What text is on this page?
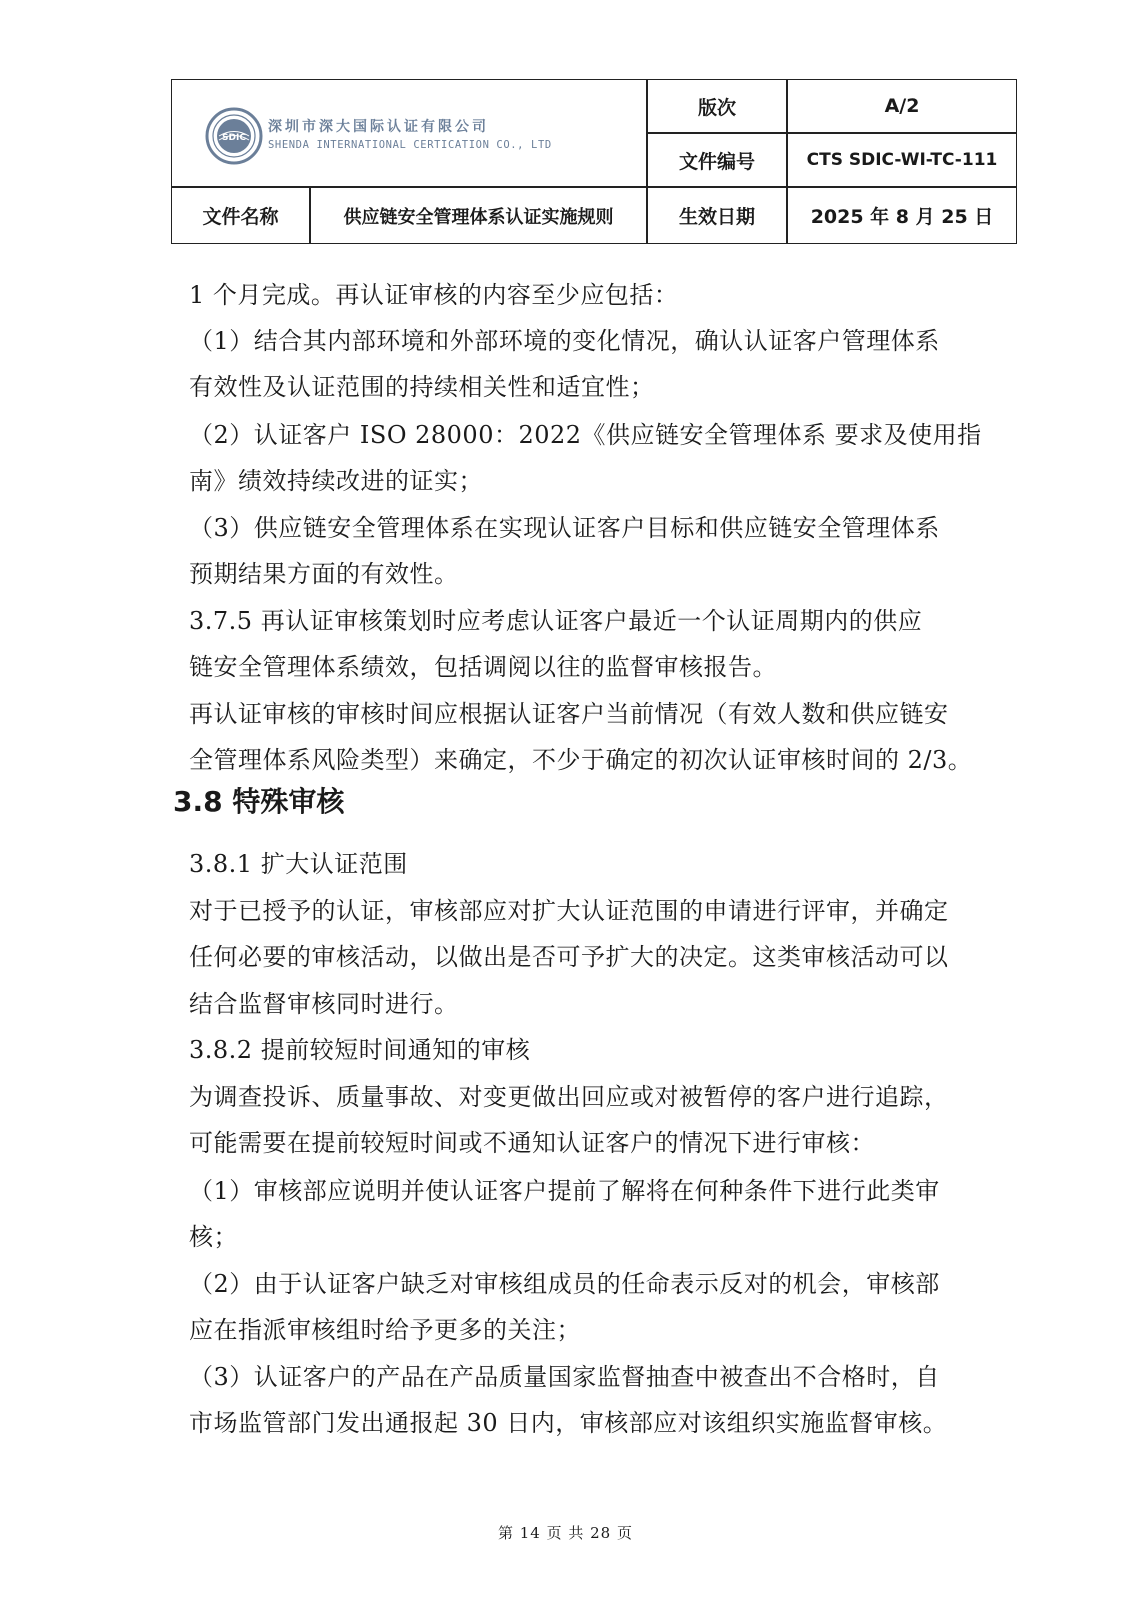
SDIC
深圳市深大国际认证有限公司
SHENDA INTERNATIONAL CERTICATION CO., LTD
版次	A/2
文件编号	CTS SDIC-WI-TC-111
文件名称	供应链安全管理体系认证实施规则	生效日期	2025 年 8 月 25 日
1 个月完成。再认证审核的内容至少应包括：
（1）结合其内部环境和外部环境的变化情况，确认认证客户管理体系
有效性及认证范围的持续相关性和适宜性；
（2）认证客户 ISO 28000：2022《供应链安全管理体系 要求及使用指
南》绩效持续改进的证实；
（3）供应链安全管理体系在实现认证客户目标和供应链安全管理体系
预期结果方面的有效性。
3.7.5 再认证审核策划时应考虑认证客户最近一个认证周期内的供应
链安全管理体系绩效，包括调阅以往的监督审核报告。
再认证审核的审核时间应根据认证客户当前情况（有效人数和供应链安
全管理体系风险类型）来确定，不少于确定的初次认证审核时间的 2/3。
3.8 特殊审核
3.8.1 扩大认证范围
对于已授予的认证，审核部应对扩大认证范围的申请进行评审，并确定
任何必要的审核活动，以做出是否可予扩大的决定。这类审核活动可以
结合监督审核同时进行。
3.8.2 提前较短时间通知的审核
为调查投诉、质量事故、对变更做出回应或对被暂停的客户进行追踪，
可能需要在提前较短时间或不通知认证客户的情况下进行审核：
（1）审核部应说明并使认证客户提前了解将在何种条件下进行此类审
核；
（2）由于认证客户缺乏对审核组成员的任命表示反对的机会，审核部
应在指派审核组时给予更多的关注；
（3）认证客户的产品在产品质量国家监督抽查中被查出不合格时，自
市场监管部门发出通报起 30 日内，审核部应对该组织实施监督审核。
第 14 页 共 28 页
